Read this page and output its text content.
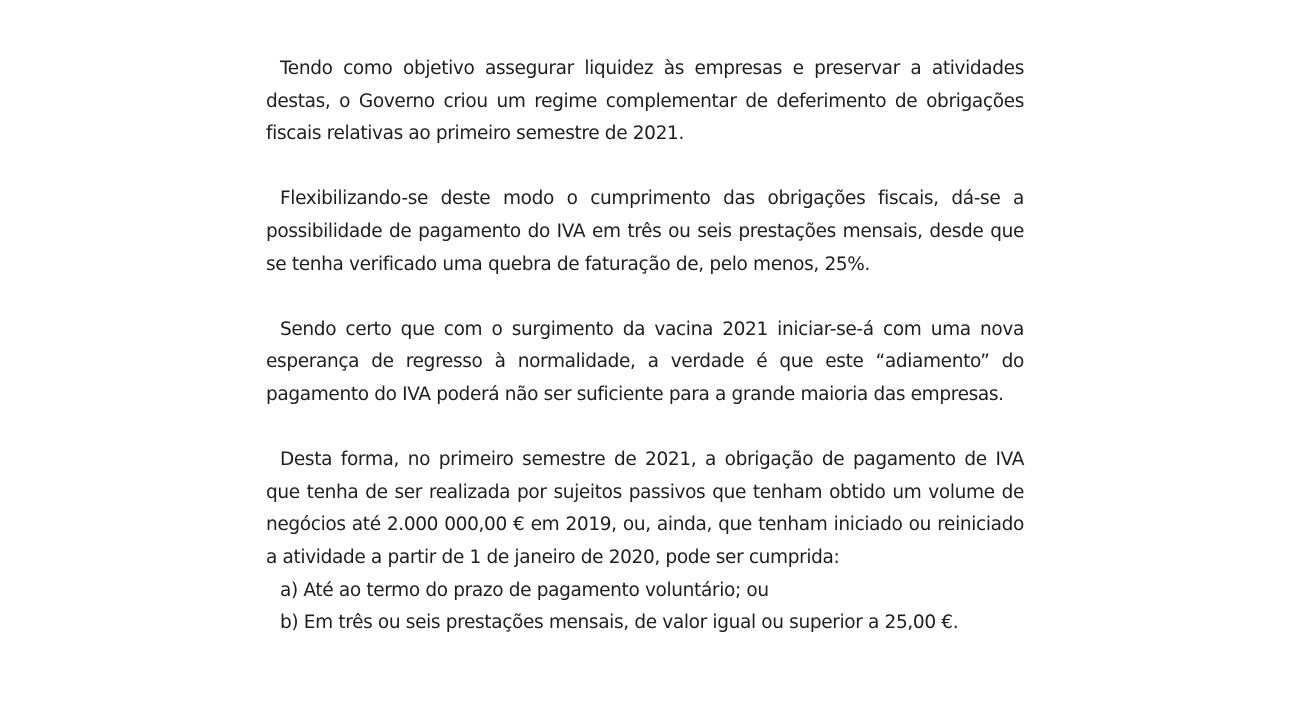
Tendo como objetivo assegurar liquidez às empresas e preservar a atividades destas, o Governo criou um regime complementar de deferimento de obrigações fiscais relativas ao primeiro semestre de 2021.

Flexibilizando-se deste modo o cumprimento das obrigações fiscais, dá-se a possibilidade de pagamento do IVA em três ou seis prestações mensais, desde que se tenha verificado uma quebra de faturação de, pelo menos, 25%.

Sendo certo que com o surgimento da vacina 2021 iniciar-se-á com uma nova esperança de regresso à normalidade, a verdade é que este “adiamento” do pagamento do IVA poderá não ser suficiente para a grande maioria das empresas.

Desta forma, no primeiro semestre de 2021, a obrigação de pagamento de IVA que tenha de ser realizada por sujeitos passivos que tenham obtido um volume de negócios até 2.000 000,00 € em 2019, ou, ainda, que tenham iniciado ou reiniciado a atividade a partir de 1 de janeiro de 2020, pode ser cumprida:

a) Até ao termo do prazo de pagamento voluntário; ou
b) Em três ou seis prestações mensais, de valor igual ou superior a 25,00 €.
